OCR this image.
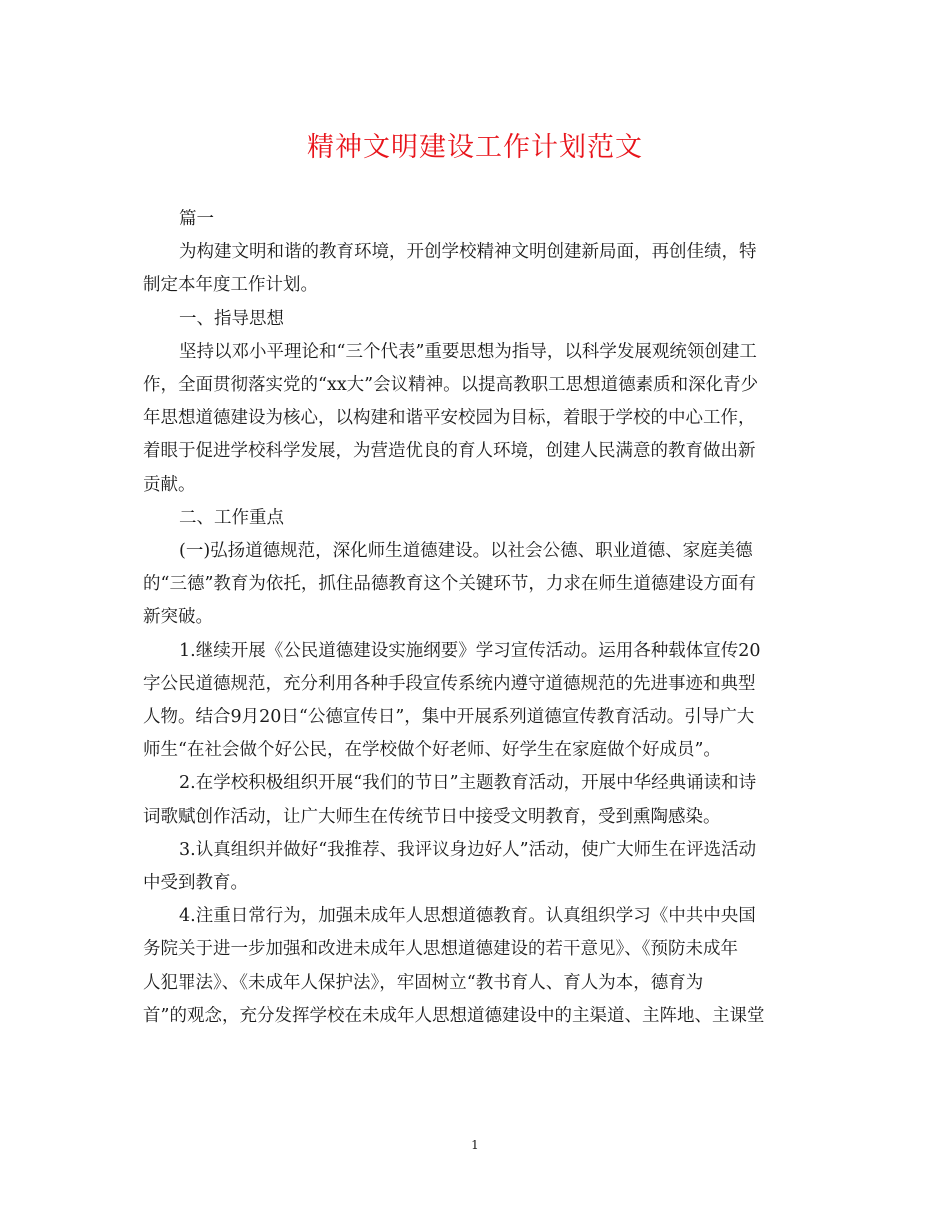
精神文明建设工作计划范文

篇一

为构建文明和谐的教育环境，开创学校精神文明创建新局面，再创佳绩，特
制定本年度工作计划。

一、指导思想

坚持以邓小平理论和“三个代表”重要思想为指导，以科学发展观统领创建工
作，全面贯彻落实党的“xx大”会议精神。以提高教职工思想道德素质和深化青少
年思想道德建设为核心，以构建和谐平安校园为目标，着眼于学校的中心工作，
着眼于促进学校科学发展，为营造优良的育人环境，创建人民满意的教育做出新
贡献。

二、工作重点

(一)弘扬道德规范，深化师生道德建设。以社会公德、职业道德、家庭美德
的“三德”教育为依托，抓住品德教育这个关键环节，力求在师生道德建设方面有
新突破。

1.继续开展《公民道德建设实施纲要》学习宣传活动。运用各种载体宣传20
字公民道德规范，充分利用各种手段宣传系统内遵守道德规范的先进事迹和典型
人物。结合9月20日“公德宣传日”，集中开展系列道德宣传教育活动。引导广大
师生“在社会做个好公民，在学校做个好老师、好学生在家庭做个好成员”。

2.在学校积极组织开展“我们的节日”主题教育活动，开展中华经典诵读和诗
词歌赋创作活动，让广大师生在传统节日中接受文明教育，受到熏陶感染。

3.认真组织并做好“我推荐、我评议身边好人”活动，使广大师生在评选活动
中受到教育。

4.注重日常行为，加强未成年人思想道德教育。认真组织学习《中共中央国
务院关于进一步加强和改进未成年人思想道德建设的若干意见》、《预防未成年
人犯罪法》、《未成年人保护法》，牢固树立“教书育人、育人为本，德育为
首”的观念，充分发挥学校在未成年人思想道德建设中的主渠道、主阵地、主课堂

1
